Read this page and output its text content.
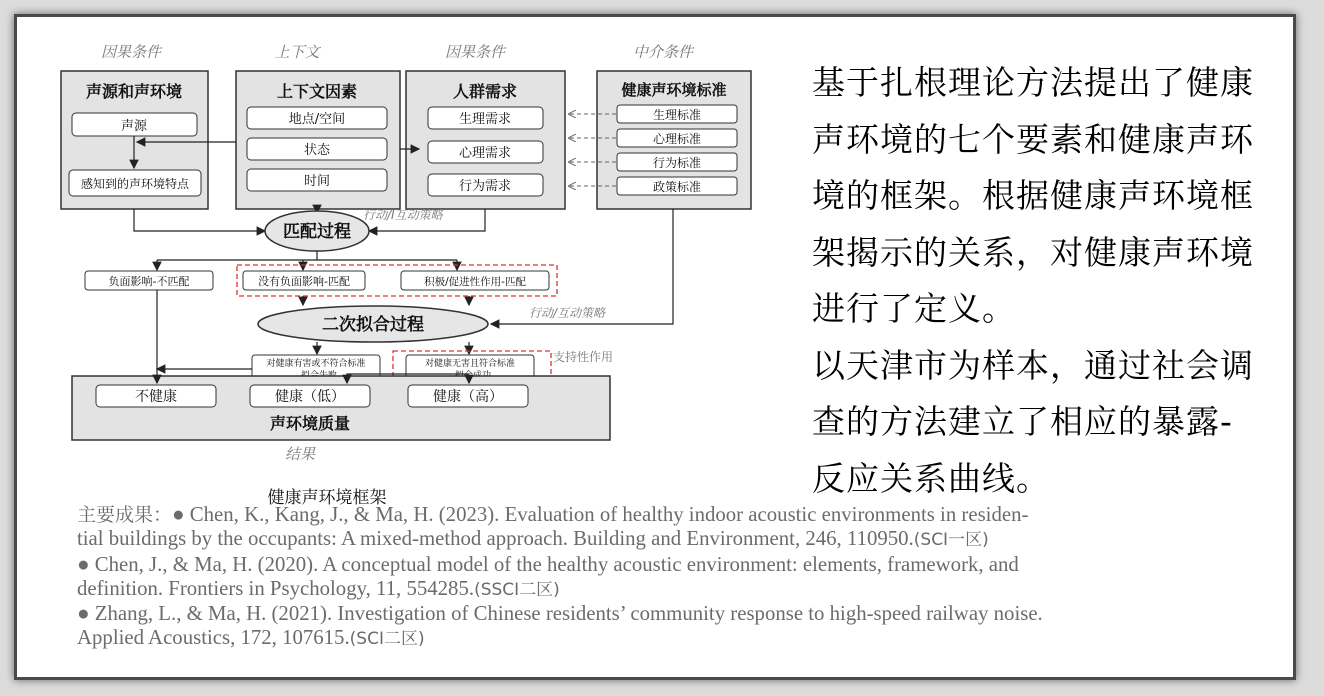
因果条件	上下文	因果条件	中介条件
声源和声环境
声源
感知到的声环境特点
上下文因素
地点/空间
状态
时间
人群需求
生理需求
心理需求
行为需求
健康声环境标准
生理标准
心理标准
行为标准
政策标准
匹配过程
行动/I互动策略
负面影响-不匹配	没有负面影响-匹配	积极/促进性作用-匹配
二次拟合过程
行动/互动策略
对健康有害或不符合标准	对健康无害且符合标准	支持性作用
不健康	健康（低）	健康（高）
声环境质量
结果
健康声环境框架

基于扎根理论方法提出了健康

声环境的七个要素和健康声环

境的框架。根据健康声环境框

架揭示的关系，对健康声环境

进行了定义。

以天津市为样本，通过社会调

查的方法建立了相应的暴露-

反应关系曲线。

主要成果：● Chen, K., Kang, J., & Ma, H. (2023). Evaluation of healthy indoor acoustic environments in residen-

tial buildings by the occupants: A mixed-method approach. Building and Environment, 246, 110950.(SCI一区)

● Chen, J., & Ma, H. (2020). A conceptual model of the healthy acoustic environment: elements, framework, and

definition. Frontiers in Psychology, 11, 554285.(SSCI二区)

● Zhang, L., & Ma, H. (2021). Investigation of Chinese residents’ community response to high-speed railway noise.

Applied Acoustics, 172, 107615.(SCI二区)
